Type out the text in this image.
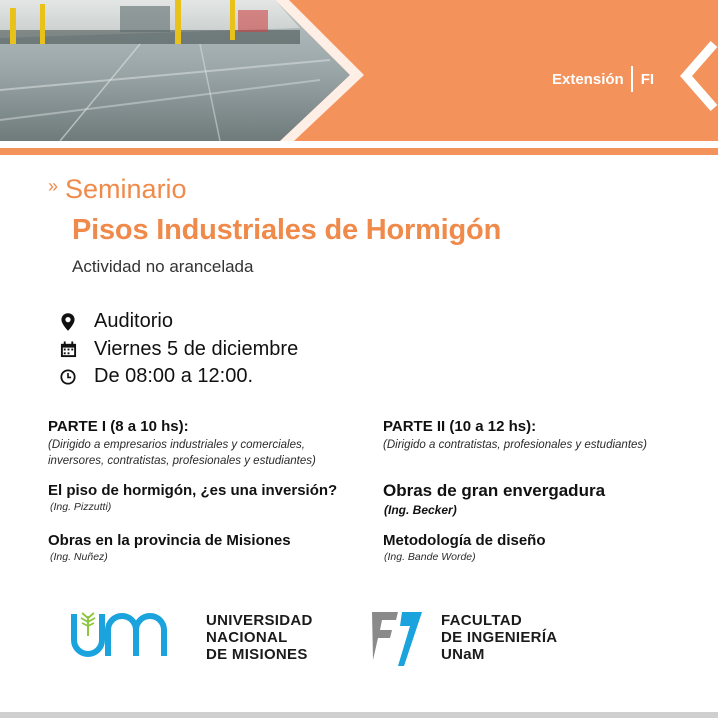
Extensión FI
» Seminario
Pisos Industriales de Hormigón
Actividad no arancelada
Auditorio
Viernes 5 de diciembre
De 08:00 a 12:00.
PARTE I (8 a 10 hs):
(Dirigido a empresarios industriales y comerciales,
inversores, contratistas, profesionales y estudiantes)
El piso de hormigón, ¿es una inversión?
(Ing. Pizzutti)
Obras en la provincia de Misiones
(Ing. Nuñez)
PARTE II (10 a 12 hs):
(Dirigido a contratistas, profesionales y estudiantes)
Obras de gran envergadura
(Ing. Becker)
Metodología de diseño
(Ing. Bande Worde)
UNIVERSIDAD
NACIONAL
DE MISIONES
FACULTAD
DE INGENIERÍA
UNaM
